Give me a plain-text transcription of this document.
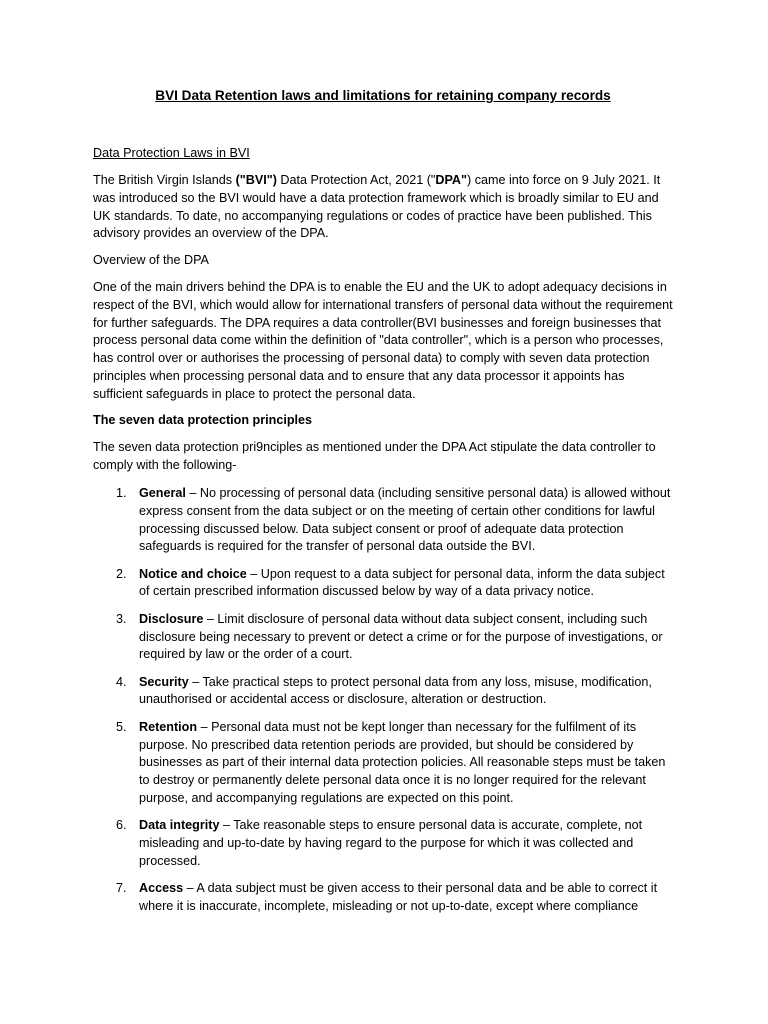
BVI Data Retention laws and limitations for retaining company records

Data Protection Laws in BVI

The British Virgin Islands ("BVI") Data Protection Act, 2021 ("DPA") came into force on 9 July 2021. It was introduced so the BVI would have a data protection framework which is broadly similar to EU and UK standards. To date, no accompanying regulations or codes of practice have been published. This advisory provides an overview of the DPA.

Overview of the DPA

One of the main drivers behind the DPA is to enable the EU and the UK to adopt adequacy decisions in respect of the BVI, which would allow for international transfers of personal data without the requirement for further safeguards. The DPA requires a data controller(BVI businesses and foreign businesses that process personal data come within the definition of "data controller", which is a person who processes, has control over or authorises the processing of personal data) to comply with seven data protection principles when processing personal data and to ensure that any data processor it appoints has sufficient safeguards in place to protect the personal data.

The seven data protection principles

The seven data protection pri9nciples as mentioned under the DPA Act stipulate the data controller to comply with the following-

1. General – No processing of personal data (including sensitive personal data) is allowed without express consent from the data subject or on the meeting of certain other conditions for lawful processing discussed below. Data subject consent or proof of adequate data protection safeguards is required for the transfer of personal data outside the BVI.
2. Notice and choice – Upon request to a data subject for personal data, inform the data subject of certain prescribed information discussed below by way of a data privacy notice.
3. Disclosure – Limit disclosure of personal data without data subject consent, including such disclosure being necessary to prevent or detect a crime or for the purpose of investigations, or required by law or the order of a court.
4. Security – Take practical steps to protect personal data from any loss, misuse, modification, unauthorised or accidental access or disclosure, alteration or destruction.
5. Retention – Personal data must not be kept longer than necessary for the fulfilment of its purpose. No prescribed data retention periods are provided, but should be considered by businesses as part of their internal data protection policies. All reasonable steps must be taken to destroy or permanently delete personal data once it is no longer required for the relevant purpose, and accompanying regulations are expected on this point.
6. Data integrity – Take reasonable steps to ensure personal data is accurate, complete, not misleading and up-to-date by having regard to the purpose for which it was collected and processed.
7. Access – A data subject must be given access to their personal data and be able to correct it where it is inaccurate, incomplete, misleading or not up-to-date, except where compliance
